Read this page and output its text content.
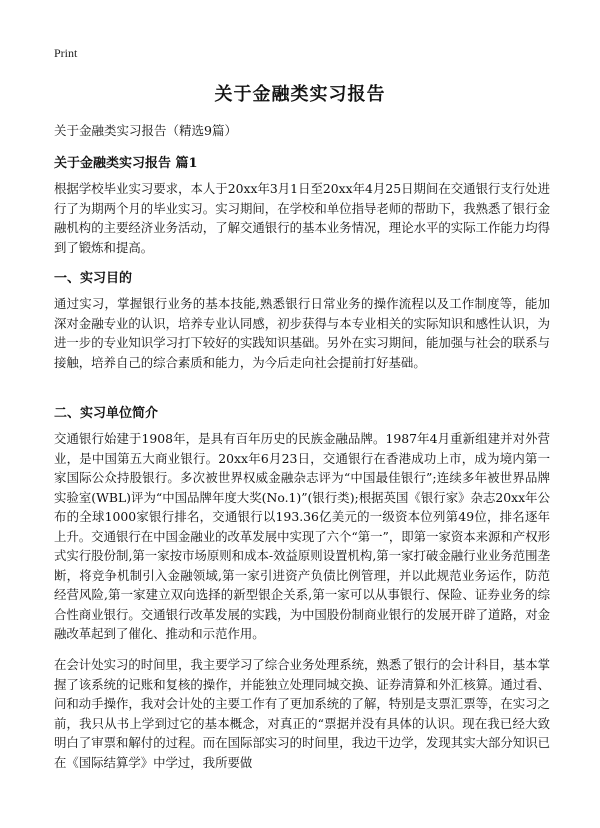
Print
关于金融类实习报告
关于金融类实习报告（精选9篇）
关于金融类实习报告 篇1
根据学校毕业实习要求，本人于20xx年3月1日至20xx年4月25日期间在交通银行支行处进行了为期两个月的毕业实习。实习期间，在学校和单位指导老师的帮助下，我熟悉了银行金融机构的主要经济业务活动，了解交通银行的基本业务情况，理论水平的实际工作能力均得到了锻炼和提高。
一、实习目的
通过实习，掌握银行业务的基本技能,熟悉银行日常业务的操作流程以及工作制度等，能加深对金融专业的认识，培养专业认同感，初步获得与本专业相关的实际知识和感性认识，为进一步的专业知识学习打下较好的实践知识基础。另外在实习期间，能加强与社会的联系与接触，培养自己的综合素质和能力，为今后走向社会提前打好基础。
二、实习单位简介
交通银行始建于1908年，是具有百年历史的民族金融品牌。1987年4月重新组建并对外营业，是中国第五大商业银行。20xx年6月23日，交通银行在香港成功上市，成为境内第一家国际公众持股银行。多次被世界权威金融杂志评为“中国最佳银行”;连续多年被世界品牌实验室(WBL)评为“中国品牌年度大奖(No.1)”(银行类);根据英国《银行家》杂志20xx年公布的全球1000家银行排名，交通银行以193.36亿美元的一级资本位列第49位，排名逐年上升。交通银行在中国金融业的改革发展中实现了六个“第一”，即第一家资本来源和产权形式实行股份制,第一家按市场原则和成本-效益原则设置机构,第一家打破金融行业业务范围垄断，将竞争机制引入金融领域,第一家引进资产负债比例管理，并以此规范业务运作，防范经营风险,第一家建立双向选择的新型银企关系,第一家可以从事银行、保险、证券业务的综合性商业银行。交通银行改革发展的实践，为中国股份制商业银行的发展开辟了道路，对金融改革起到了催化、推动和示范作用。
在会计处实习的时间里，我主要学习了综合业务处理系统，熟悉了银行的会计科目，基本掌握了该系统的记账和复核的操作，并能独立处理同城交换、证券清算和外汇核算。通过看、问和动手操作，我对会计处的主要工作有了更加系统的了解，特别是支票汇票等，在实习之前，我只从书上学到过它的基本概念，对真正的“票据并没有具体的认识。现在我已经大致明白了审票和解付的过程。而在国际部实习的时间里，我边干边学，发现其实大部分知识已在《国际结算学》中学过，我所要做
